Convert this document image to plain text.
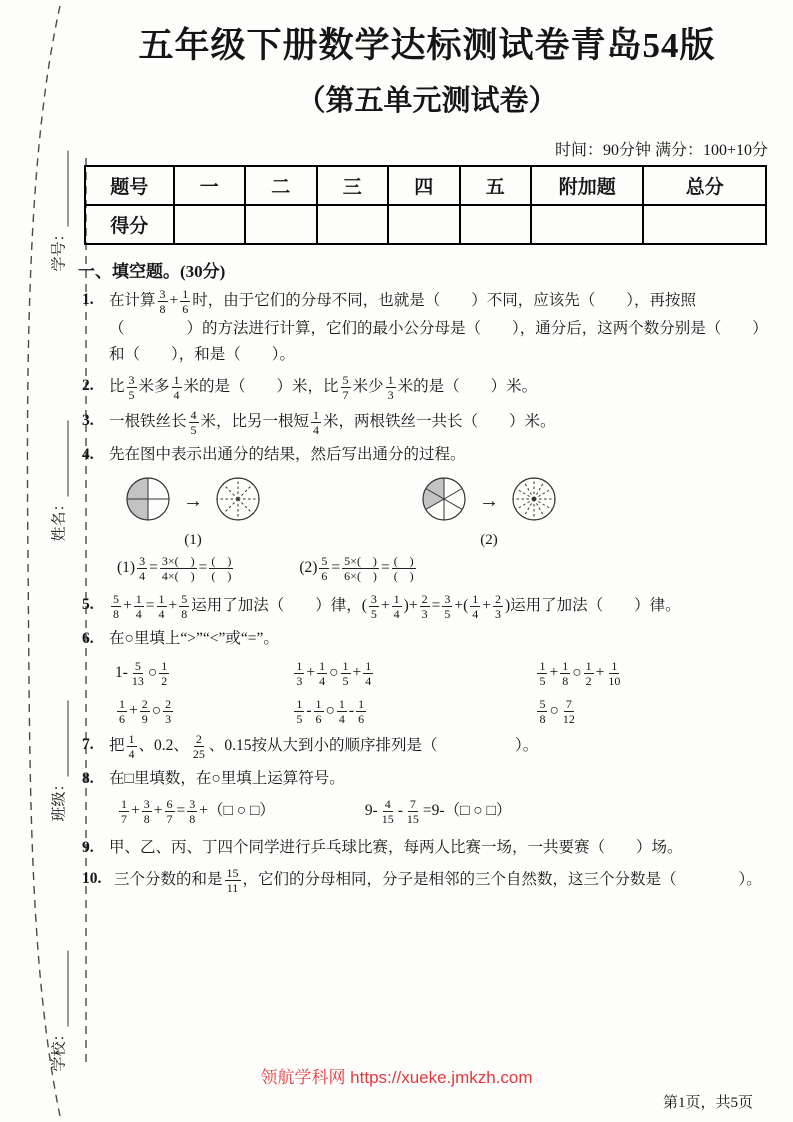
学号：
姓名：
班级：
学校：
五年级下册数学达标测试卷青岛54版
（第五单元测试卷）
时间：90分钟 满分：100+10分
题号	一	二	三	四	五	附加题	总分
得分							
一、填空题。(30分)
1. 在计算 $\frac{3}{8} + \frac{1}{6}$ 时，由于它们的分母不同，也就是（　　）不同，应该先（　　），再按照（　　　　）的方法进行计算，它们的最小公分母是（　　），通分后，这两个数分别是（　　）和（　　），和是（　　）。
2. 比 $\frac{3}{5}$ 米多 $\frac{1}{4}$ 米的是（　　）米，比 $\frac{5}{7}$ 米少 $\frac{1}{3}$ 米的是（　　）米。
3. 一根铁丝长 $\frac{4}{5}$ 米，比另一根短 $\frac{1}{4}$ 米，两根铁丝一共长（　　）米。
4. 先在图中表示出通分的结果，然后写出通分的过程。
→
(1)
→
(2)
$(1) \frac{3}{4} = \frac{3\times( )}{4\times( )} = \frac{( )}{( )}$	$(2) \frac{5}{6} = \frac{5\times( )}{6\times( )} = \frac{( )}{( )}$
5.	$\frac{5}{8} + \frac{1}{4} = \frac{1}{4} + \frac{5}{8}$ 运用了加法（　　）律，( $\frac{3}{5} + \frac{1}{4}$ )+ $\frac{2}{3} = \frac{3}{5}$ +( $\frac{1}{4} + \frac{2}{3}$ )运用了加法（　　）律。
6. 在○里填上“>”“<”或“=”。
$1- \frac{5}{13}$ ○ $\frac{1}{2}$	$\frac{1}{3} + \frac{1}{4}$ ○ $\frac{1}{5} + \frac{1}{4}$	$\frac{1}{5} + \frac{1}{8}$ ○ $\frac{1}{2} + \frac{1}{10}$
$\frac{1}{6} + \frac{2}{9}$ ○ $\frac{2}{3}$	$\frac{1}{5} - \frac{1}{6}$ ○ $\frac{1}{4} - \frac{1}{6}$	$\frac{5}{8}$ ○ $\frac{7}{12}$
7. 把 $\frac{1}{4}$ 、0.2、 $\frac{2}{25}$ 、0.15按从大到小的顺序排列是（　　　　　）。
8. 在□里填数，在○里填上运算符号。
$\frac{1}{7} + \frac{3}{8} + \frac{6}{7} = \frac{3}{8}$ +（□ ○ □）	$9- \frac{4}{15} - \frac{7}{15}$ =9-（□ ○ □）
9. 甲、乙、丙、丁四个同学进行乒乓球比赛，每两人比赛一场，一共要赛（　　）场。
10. 三个分数的和是 $\frac{15}{11}$ ，它们的分母相同，分子是相邻的三个自然数，这三个分数是（　　　　）。
领航学科网 https://xueke.jmkzh.com
第1页，共5页
